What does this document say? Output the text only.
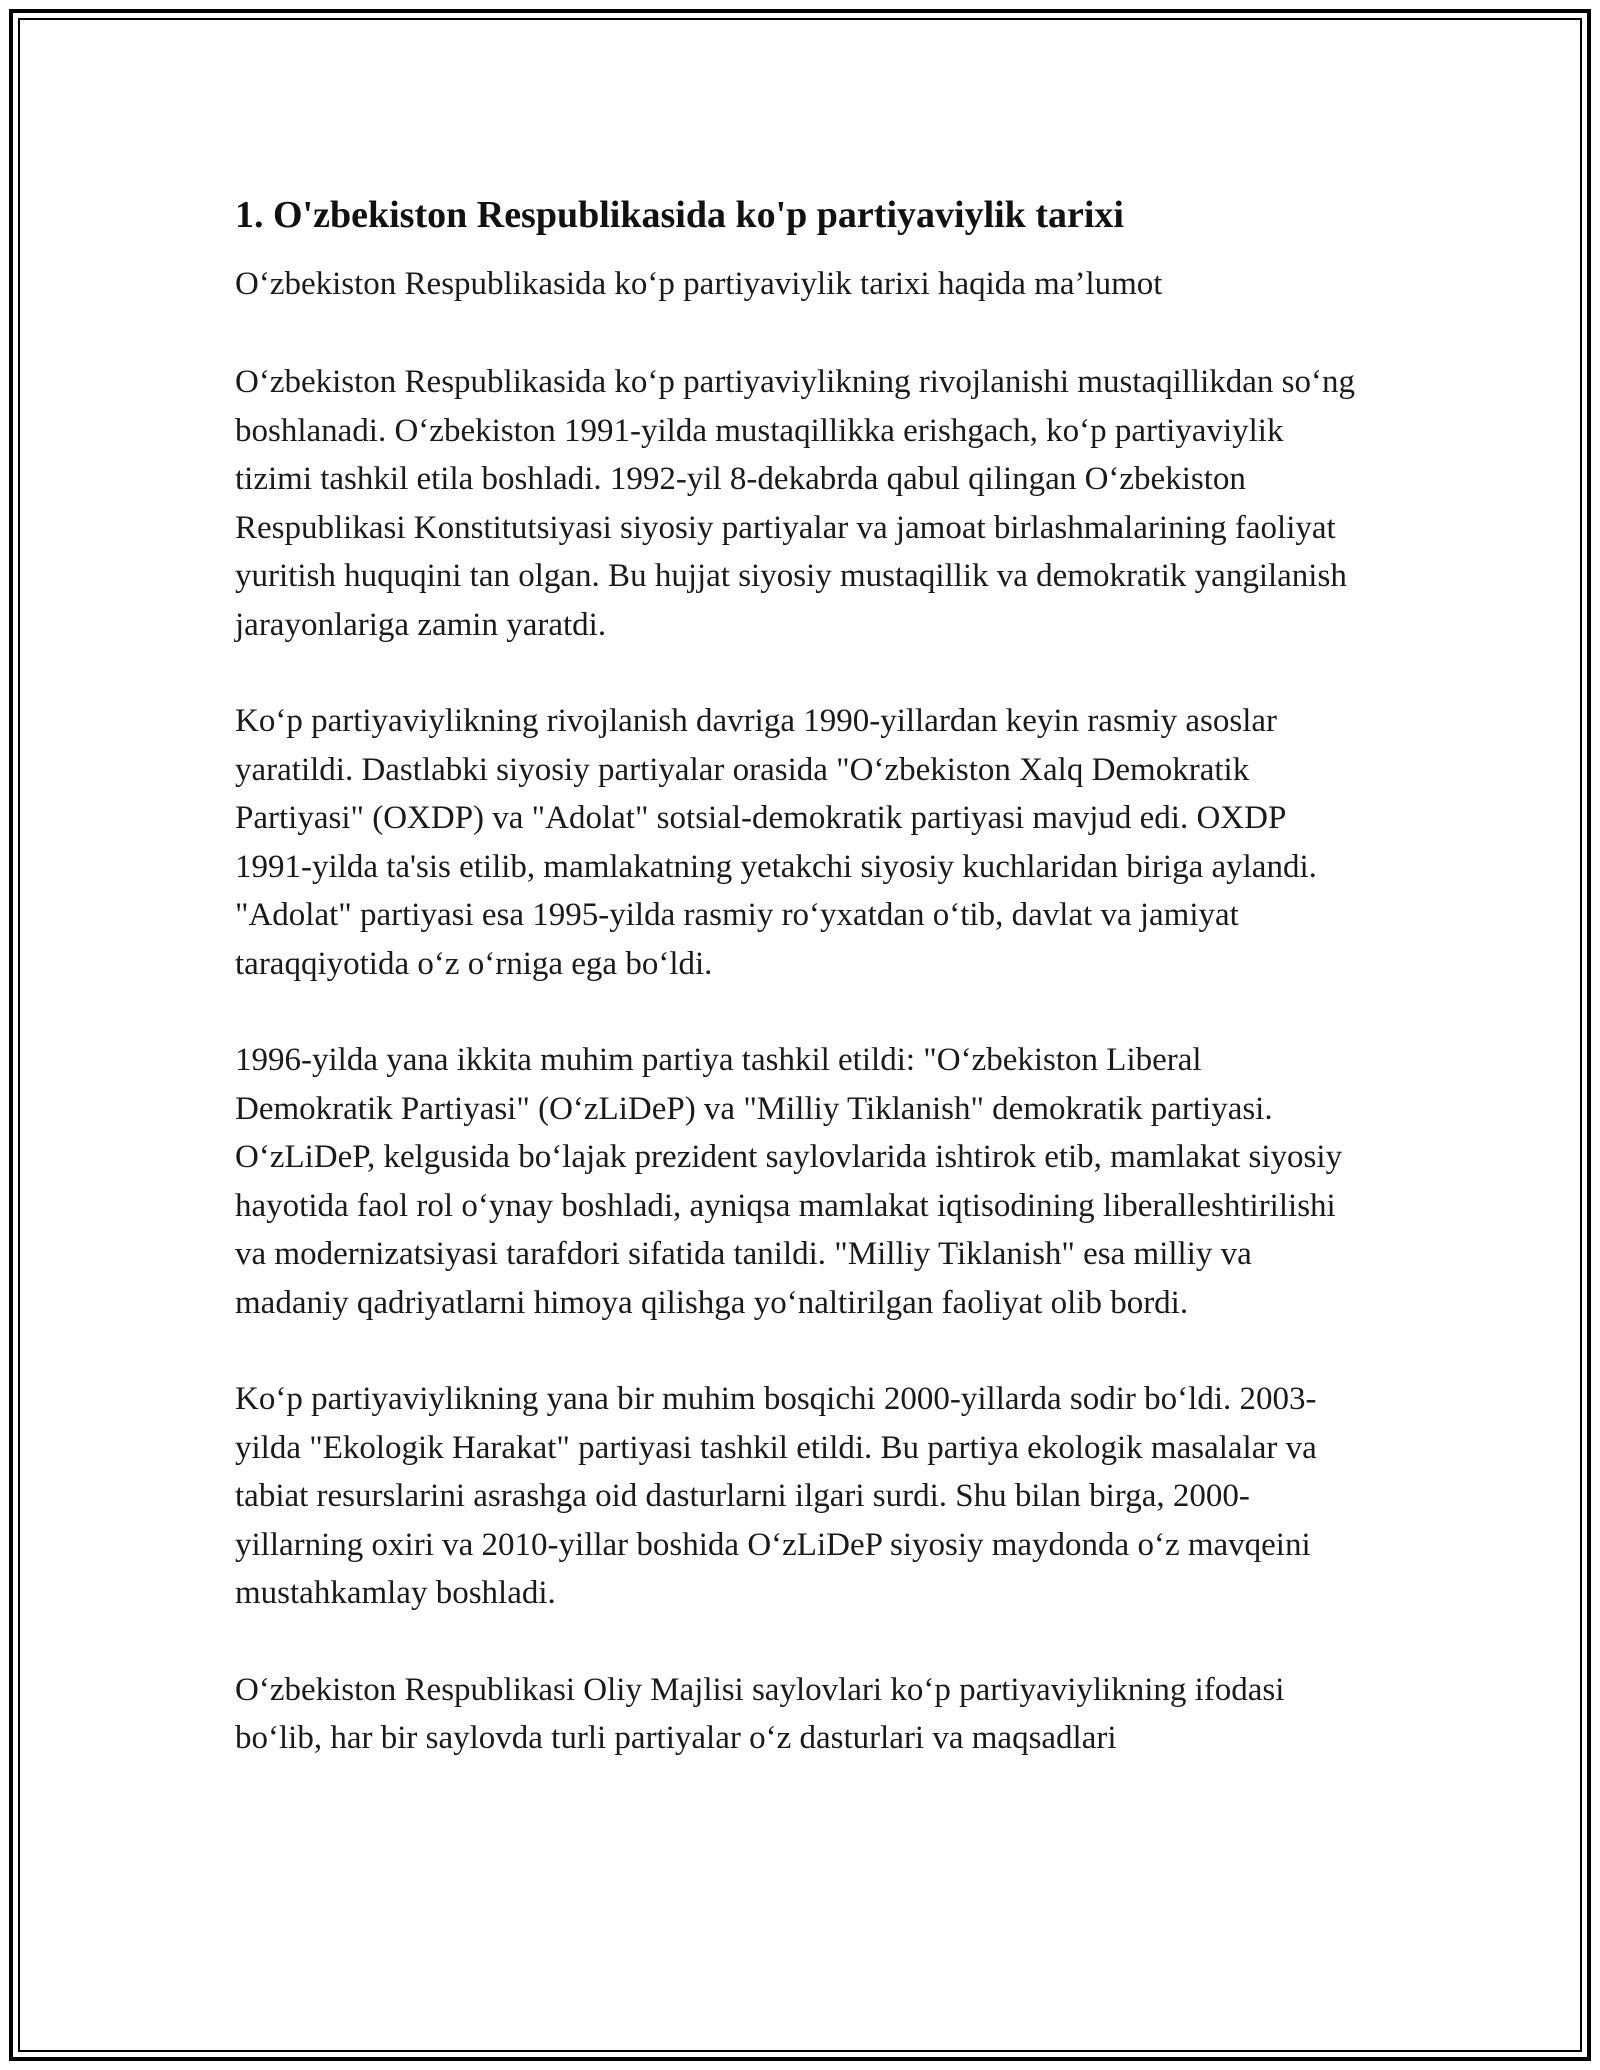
1. O'zbekiston Respublikasida ko'p partiyaviylik tarixi

O‘zbekiston Respublikasida ko‘p partiyaviylik tarixi haqida ma’lumot

O‘zbekiston Respublikasida ko‘p partiyaviylikning rivojlanishi mustaqillikdan so‘ng boshlanadi. O‘zbekiston 1991-yilda mustaqillikka erishgach, ko‘p partiyaviylik tizimi tashkil etila boshladi. 1992-yil 8-dekabrda qabul qilingan O‘zbekiston Respublikasi Konstitutsiyasi siyosiy partiyalar va jamoat birlashmalarining faoliyat yuritish huquqini tan olgan. Bu hujjat siyosiy mustaqillik va demokratik yangilanish jarayonlariga zamin yaratdi.

Ko‘p partiyaviylikning rivojlanish davriga 1990-yillardan keyin rasmiy asoslar yaratildi. Dastlabki siyosiy partiyalar orasida "O‘zbekiston Xalq Demokratik Partiyasi" (OXDP) va "Adolat" sotsial-demokratik partiyasi mavjud edi. OXDP 1991-yilda ta'sis etilib, mamlakatning yetakchi siyosiy kuchlaridan biriga aylandi. "Adolat" partiyasi esa 1995-yilda rasmiy ro‘yxatdan o‘tib, davlat va jamiyat taraqqiyotida o‘z o‘rniga ega bo‘ldi.

1996-yilda yana ikkita muhim partiya tashkil etildi: "O‘zbekiston Liberal Demokratik Partiyasi" (O‘zLiDeP) va "Milliy Tiklanish" demokratik partiyasi. O‘zLiDeP, kelgusida bo‘lajak prezident saylovlarida ishtirok etib, mamlakat siyosiy hayotida faol rol o‘ynay boshladi, ayniqsa mamlakat iqtisodining liberalleshtirilishi va modernizatsiyasi tarafdori sifatida tanildi. "Milliy Tiklanish" esa milliy va madaniy qadriyatlarni himoya qilishga yo‘naltirilgan faoliyat olib bordi.

Ko‘p partiyaviylikning yana bir muhim bosqichi 2000-yillarda sodir bo‘ldi. 2003-yilda "Ekologik Harakat" partiyasi tashkil etildi. Bu partiya ekologik masalalar va tabiat resurslarini asrashga oid dasturlarni ilgari surdi. Shu bilan birga, 2000-yillarning oxiri va 2010-yillar boshida O‘zLiDeP siyosiy maydonda o‘z mavqeini mustahkamlay boshladi.

O‘zbekiston Respublikasi Oliy Majlisi saylovlari ko‘p partiyaviylikning ifodasi bo‘lib, har bir saylovda turli partiyalar o‘z dasturlari va maqsadlari
